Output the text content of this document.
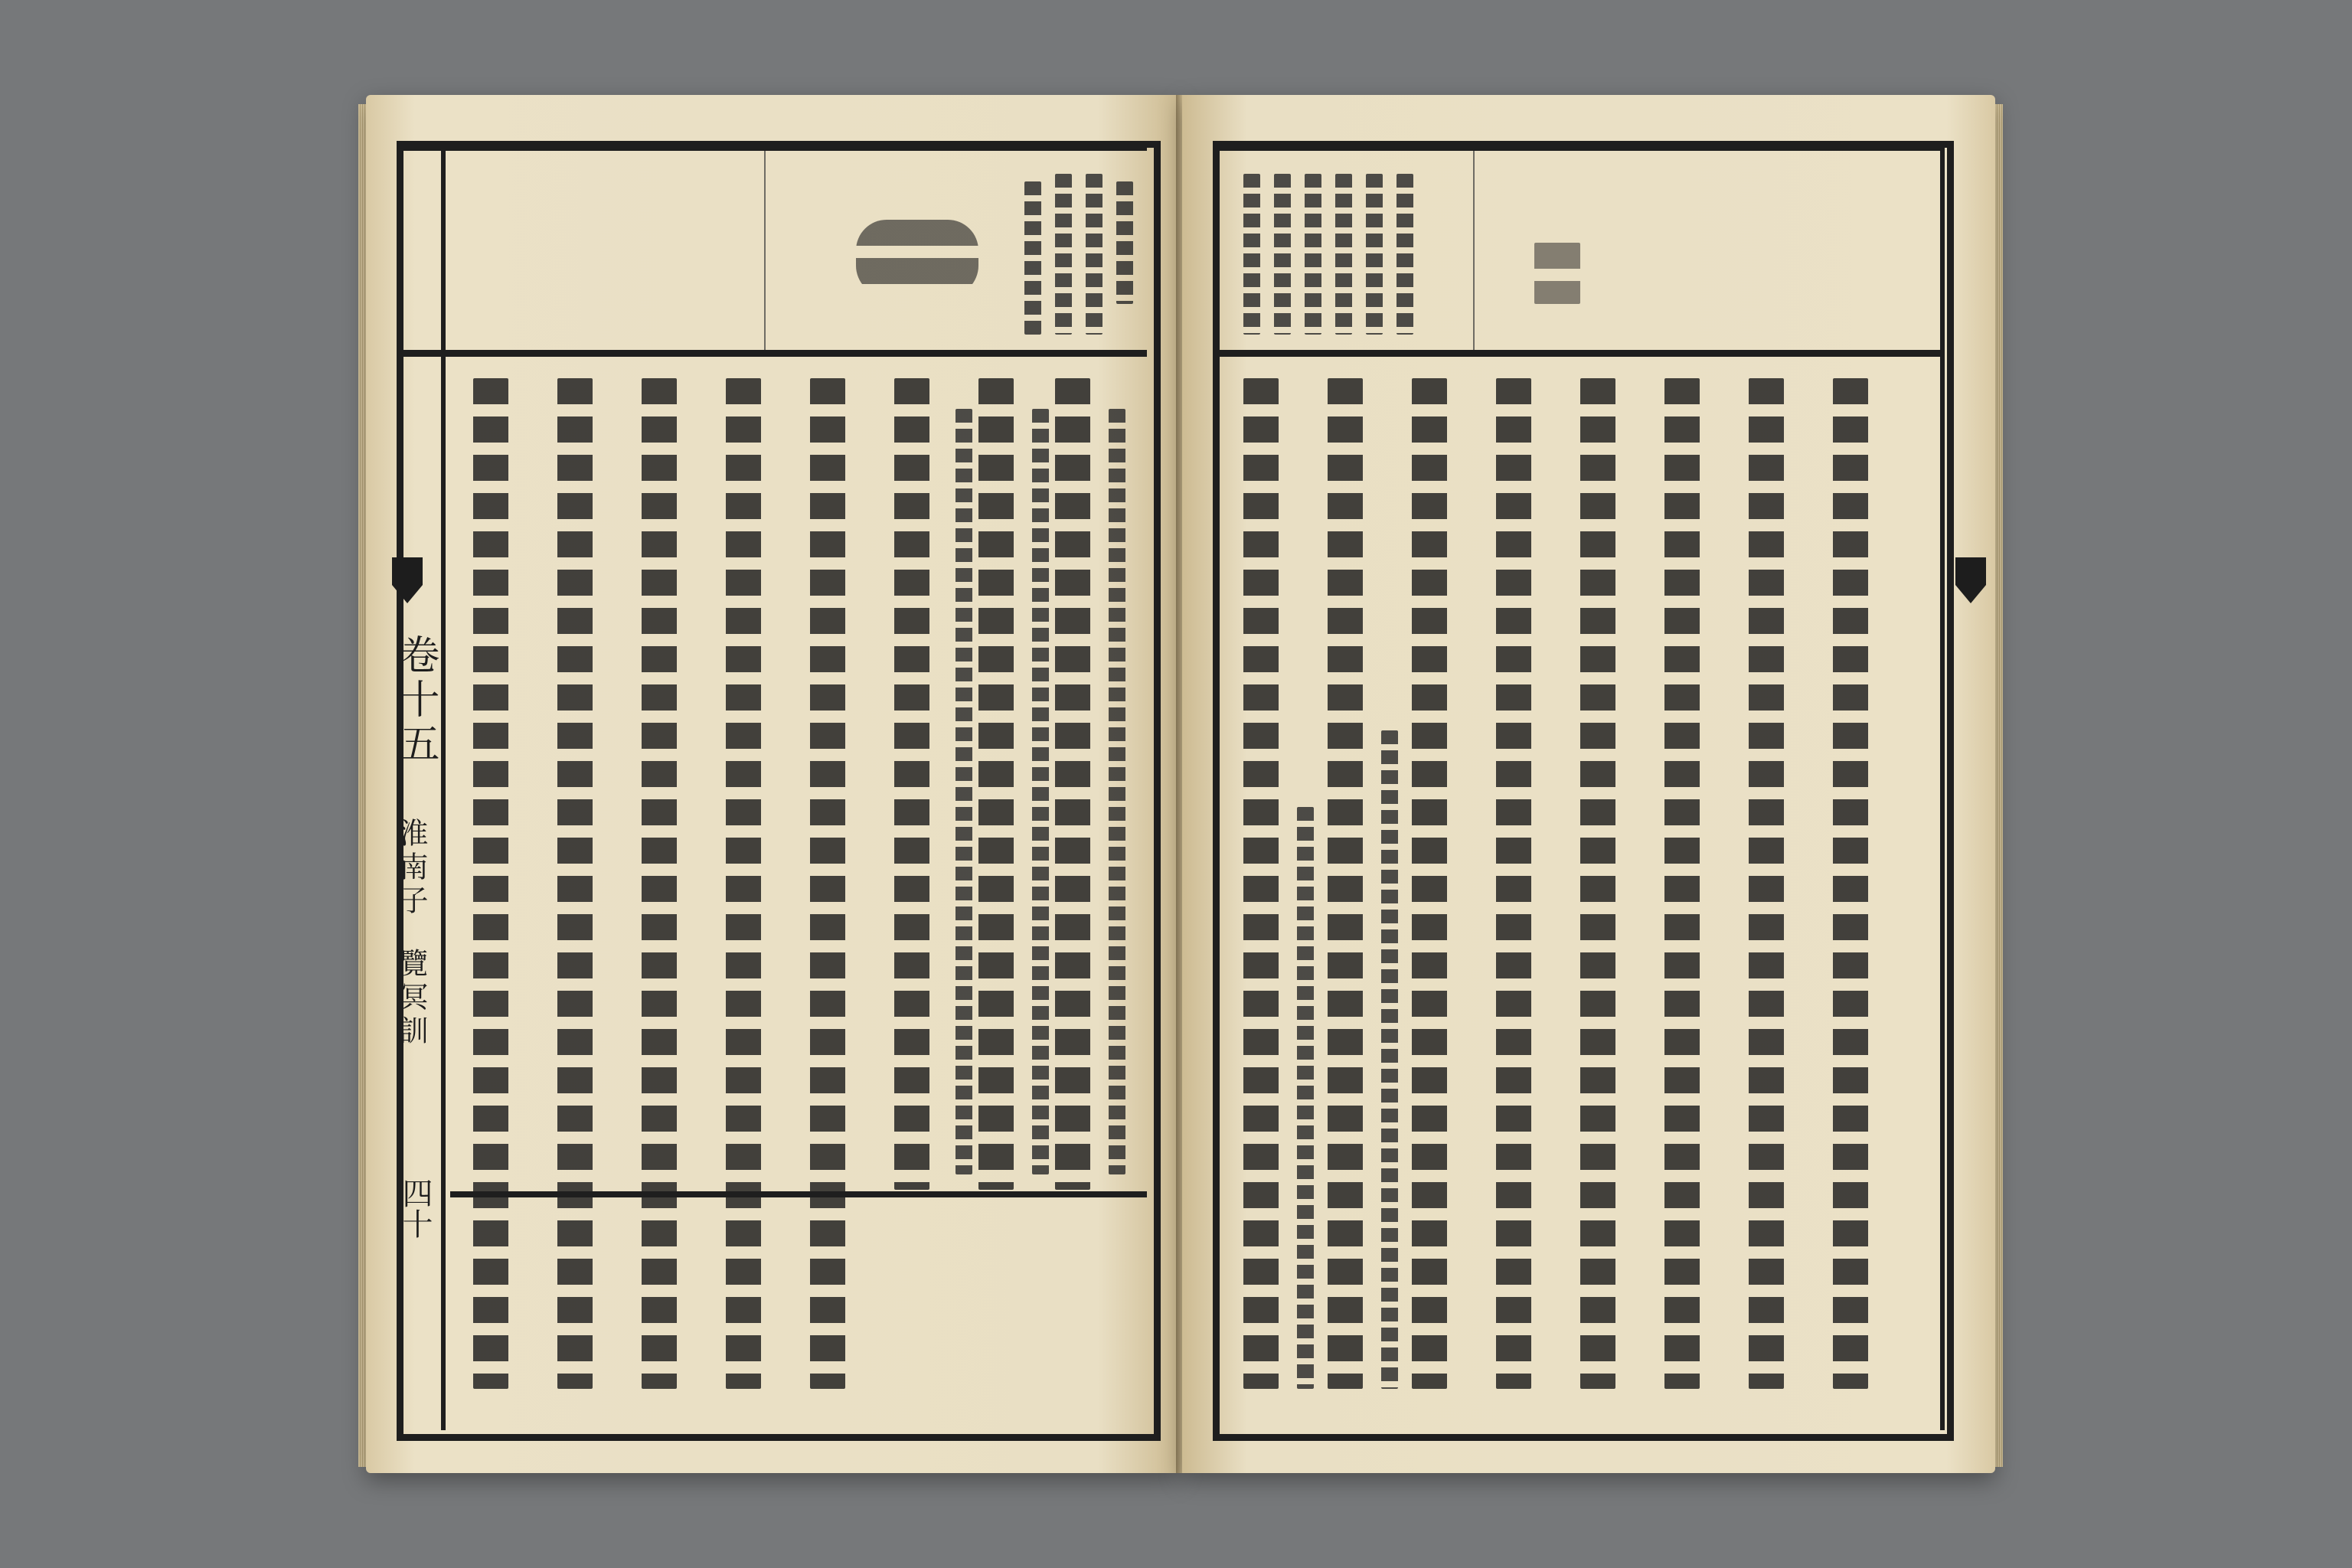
卷十五
淮南子
覽冥訓
四十
